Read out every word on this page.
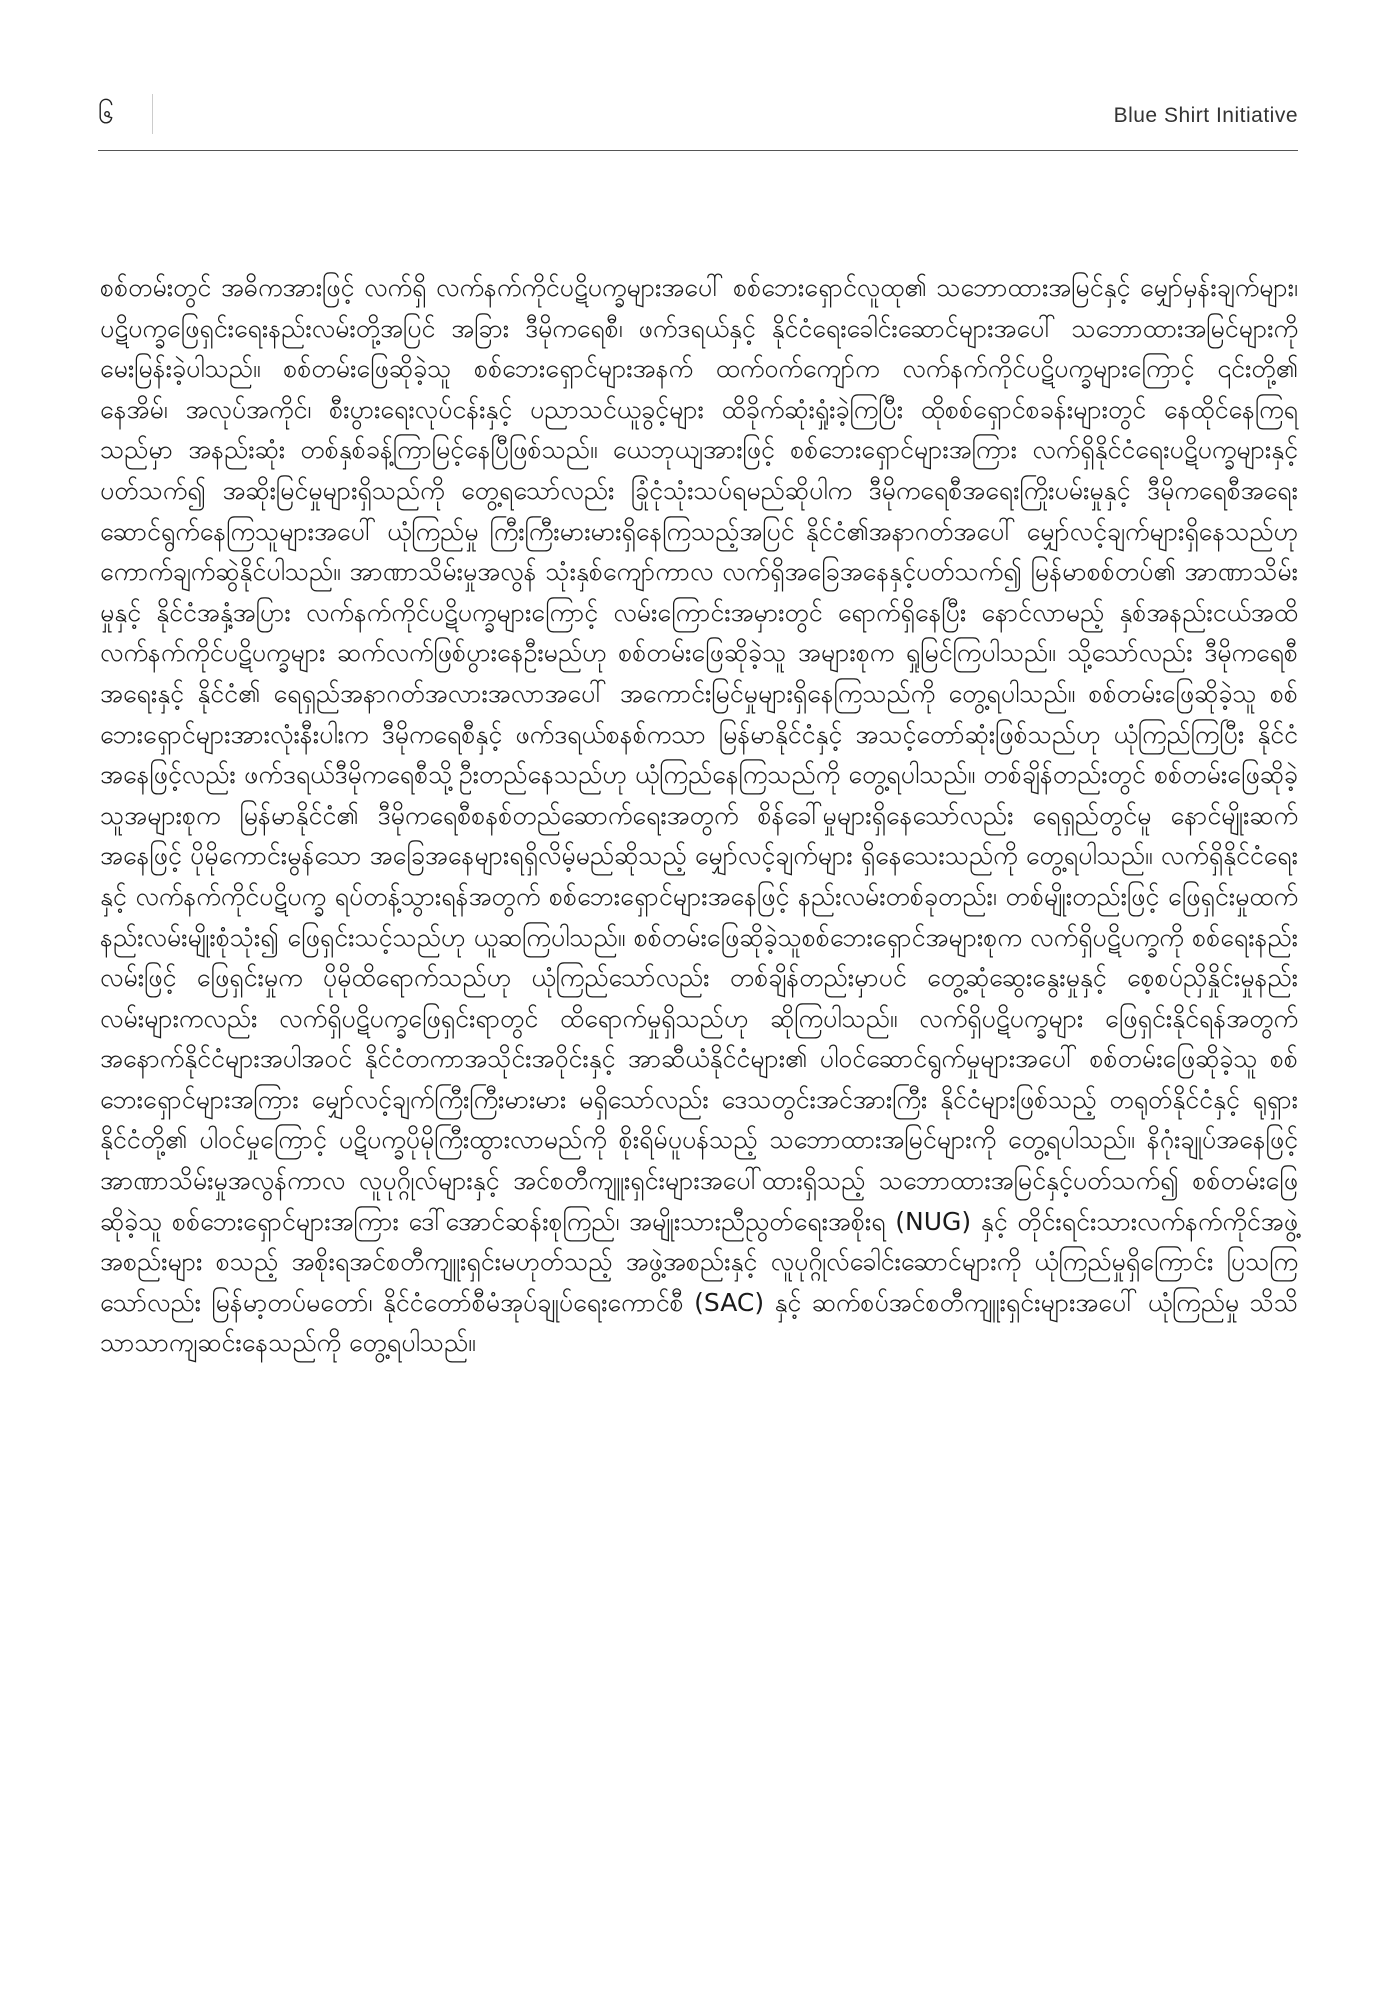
၆	Blue Shirt Initiative

စစ်တမ်းတွင် အဓိကအားဖြင့် လက်ရှိ လက်နက်ကိုင်ပဋိပက္ခများအပေါ် စစ်ဘေးရှောင်လူထု၏ သဘောထားအမြင်နှင့် မျှော်မှန်းချက်များ၊ ပဋိပက္ခဖြေရှင်းရေးနည်းလမ်းတို့အပြင် အခြား ဒီမိုကရေစီ၊ ဖက်ဒရယ်နှင့် နိုင်ငံရေးခေါင်းဆောင်များအပေါ် သဘောထားအမြင်များကို မေးမြန်းခဲ့ပါသည်။ စစ်တမ်းဖြေဆိုခဲ့သူ စစ်ဘေးရှောင်များအနက် ထက်ဝက်ကျော်က လက်နက်ကိုင်ပဋိပက္ခများကြောင့် ၎င်းတို့၏ နေအိမ်၊ အလုပ်အကိုင်၊ စီးပွားရေးလုပ်ငန်းနှင့် ပညာသင်ယူခွင့်များ ထိခိုက်ဆုံးရှုံးခဲ့ကြပြီး ထိုစစ်ရှောင်စခန်းများတွင် နေထိုင်နေကြရသည်မှာ အနည်းဆုံး တစ်နှစ်ခန့်ကြာမြင့်နေပြီဖြစ်သည်။ ယေဘုယျအားဖြင့် စစ်ဘေးရှောင်များအကြား လက်ရှိနိုင်ငံရေးပဋိပက္ခများနှင့်ပတ်သက်၍ အဆိုးမြင်မှုများရှိသည်ကို တွေ့ရသော်လည်း ခြုံငုံသုံးသပ်ရမည်ဆိုပါက ဒီမိုကရေစီအရေးကြိုးပမ်းမှုနှင့် ဒီမိုကရေစီအရေး ဆောင်ရွက်နေကြသူများအပေါ် ယုံကြည်မှု ကြီးကြီးမားမားရှိနေကြသည့်အပြင် နိုင်ငံ၏အနာဂတ်အပေါ် မျှော်လင့်ချက်များရှိနေသည်ဟု ကောက်ချက်ဆွဲနိုင်ပါသည်။ အာဏာသိမ်းမှုအလွန် သုံးနှစ်ကျော်ကာလ လက်ရှိအခြေအနေနှင့်ပတ်သက်၍ မြန်မာစစ်တပ်၏ အာဏာသိမ်းမှုနှင့် နိုင်ငံအနှံ့အပြား လက်နက်ကိုင်ပဋိပက္ခများကြောင့် လမ်းကြောင်းအမှားတွင် ရောက်ရှိနေပြီး နောင်လာမည့် နှစ်အနည်းငယ်အထိ လက်နက်ကိုင်ပဋိပက္ခများ ဆက်လက်ဖြစ်ပွားနေဦးမည်ဟု စစ်တမ်းဖြေဆိုခဲ့သူ အများစုက ရှုမြင်ကြပါသည်။ သို့သော်လည်း ဒီမိုကရေစီအရေးနှင့် နိုင်ငံ၏ ရေရှည်အနာဂတ်အလားအလာအပေါ် အကောင်းမြင်မှုများရှိနေကြသည်ကို တွေ့ရပါသည်။ စစ်တမ်းဖြေဆိုခဲ့သူ စစ်ဘေးရှောင်များအားလုံးနီးပါးက ဒီမိုကရေစီနှင့် ဖက်ဒရယ်စနစ်ကသာ မြန်မာနိုင်ငံနှင့် အသင့်တော်ဆုံးဖြစ်သည်ဟု ယုံကြည်ကြပြီး နိုင်ငံအနေဖြင့်လည်း ဖက်ဒရယ်ဒီမိုကရေစီသို့ဦးတည်နေသည်ဟု ယုံကြည်နေကြသည်ကို တွေ့ရပါသည်။ တစ်ချိန်တည်းတွင် စစ်တမ်းဖြေဆိုခဲ့သူအများစုက မြန်မာနိုင်ငံ၏ ဒီမိုကရေစီစနစ်တည်ဆောက်ရေးအတွက် စိန်ခေါ်မှုများရှိနေသော်လည်း ရေရှည်တွင်မူ နောင်မျိုးဆက်အနေဖြင့် ပိုမိုကောင်းမွန်သော အခြေအနေများရရှိလိမ့်မည်ဆိုသည့် မျှော်လင့်ချက်များ ရှိနေသေးသည်ကို တွေ့ရပါသည်။ လက်ရှိနိုင်ငံရေးနှင့် လက်နက်ကိုင်ပဋိပက္ခ ရပ်တန့်သွားရန်အတွက် စစ်ဘေးရှောင်များအနေဖြင့် နည်းလမ်းတစ်ခုတည်း၊ တစ်မျိုးတည်းဖြင့် ဖြေရှင်းမှုထက် နည်းလမ်းမျိုးစုံသုံး၍ ဖြေရှင်းသင့်သည်ဟု ယူဆကြပါသည်။ စစ်တမ်းဖြေဆိုခဲ့သူစစ်ဘေးရှောင်အများစုက လက်ရှိပဋိပက္ခကို စစ်ရေးနည်းလမ်းဖြင့် ဖြေရှင်းမှုက ပိုမိုထိရောက်သည်ဟု ယုံကြည်သော်လည်း တစ်ချိန်တည်းမှာပင် တွေ့ဆုံဆွေးနွေးမှုနှင့် စေ့စပ်ညှိနှိုင်းမှုနည်းလမ်းများကလည်း လက်ရှိပဋိပက္ခဖြေရှင်းရာတွင် ထိရောက်မှုရှိသည်ဟု ဆိုကြပါသည်။ လက်ရှိပဋိပက္ခများ ဖြေရှင်းနိုင်ရန်အတွက် အနောက်နိုင်ငံများအပါအဝင် နိုင်ငံတကာအသိုင်းအဝိုင်းနှင့် အာဆီယံနိုင်ငံများ၏ ပါဝင်ဆောင်ရွက်မှုများအပေါ် စစ်တမ်းဖြေဆိုခဲ့သူ စစ်ဘေးရှောင်များအကြား မျှော်လင့်ချက်ကြီးကြီးမားမား မရှိသော်လည်း ဒေသတွင်းအင်အားကြီး နိုင်ငံများဖြစ်သည့် တရုတ်နိုင်ငံနှင့် ရုရှားနိုင်ငံတို့၏ ပါဝင်မှုကြောင့် ပဋိပက္ခပိုမိုကြီးထွားလာမည်ကို စိုးရိမ်ပူပန်သည့် သဘောထားအမြင်များကို တွေ့ရပါသည်။ နိဂုံးချုပ်အနေဖြင့် အာဏာသိမ်းမှုအလွန်ကာလ လူပုဂ္ဂိုလ်များနှင့် အင်စတီကျူးရှင်းများအပေါ်ထားရှိသည့် သဘောထားအမြင်နှင့်ပတ်သက်၍ စစ်တမ်းဖြေဆိုခဲ့သူ စစ်ဘေးရှောင်များအကြား ဒေါ်အောင်ဆန်းစုကြည်၊ အမျိုးသားညီညွတ်ရေးအစိုးရ (NUG) နှင့် တိုင်းရင်းသားလက်နက်ကိုင်အဖွဲ့အစည်းများ စသည့် အစိုးရအင်စတီကျူးရှင်းမဟုတ်သည့် အဖွဲ့အစည်းနှင့် လူပုဂ္ဂိုလ်ခေါင်းဆောင်များကို ယုံကြည်မှုရှိကြောင်း ပြသကြသော်လည်း မြန်မာ့တပ်မတော်၊ နိုင်ငံတော်စီမံအုပ်ချုပ်ရေးကောင်စီ (SAC) နှင့် ဆက်စပ်အင်စတီကျူးရှင်းများအပေါ် ယုံကြည်မှု သိသိသာသာကျဆင်းနေသည်ကို တွေ့ရပါသည်။
